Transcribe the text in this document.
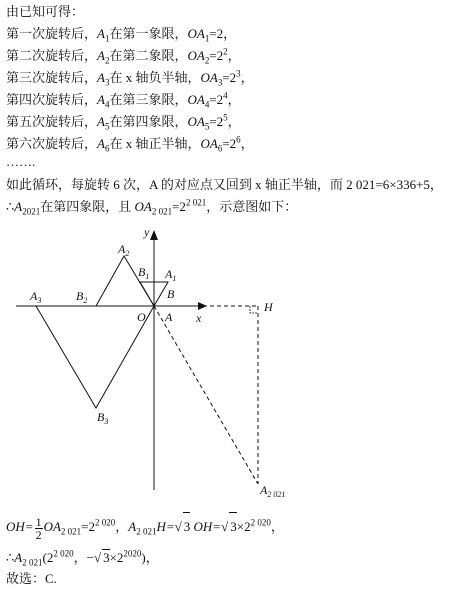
由已知可得：
第一次旋转后，$A_1$在第一象限，$OA_1=2$，
第二次旋转后，$A_2$在第二象限，$OA_2=2^2$，
第三次旋转后，$A_3$在 x 轴负半轴，$OA_3=2^3$，
第四次旋转后，$A_4$在第三象限，$OA_4=2^4$，
第五次旋转后，$A_5$在第四象限，$OA_5=2^5$，
第六次旋转后，$A_6$在 x 轴正半轴，$OA_6=2^6$，
…….
如此循环，每旋转 6 次，A 的对应点又回到 x 轴正半轴，而 2 021=6×336+5，
$\therefore A_{2021}$在第四象限，且 $OA_{2 021}=2^{2 021}$，示意图如下：
y
x
O A
B
$A_1$
$B_1$
$A_2$
$B_2$
$A_3$
$B_3$
H
$A_{2 021}$
$OH= \frac{1}{2} OA_{2 021}=2^{2 020}$，$A_{2 021}H=√$ 3 OH=√ $3\times 2^{2 020}$，
$\therefore A_{2 021}(2^{2 020}$，−√ $3\times 2^{2020}$)，
故选：C.
